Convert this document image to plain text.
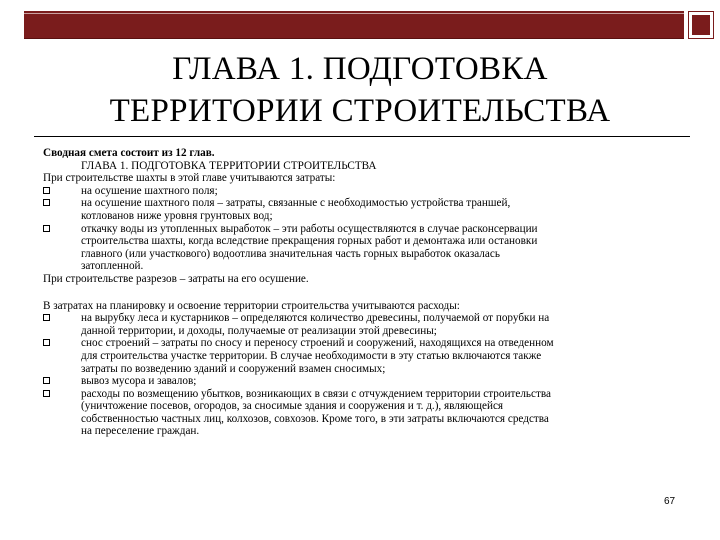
ГЛАВА 1. ПОДГОТОВКА
ТЕРРИТОРИИ СТРОИТЕЛЬСТВА
Сводная смета состоит из 12 глав.
ГЛАВА 1. ПОДГОТОВКА ТЕРРИТОРИИ СТРОИТЕЛЬСТВА
При строительстве шахты в этой главе учитываются затраты:
на осушение шахтного поля;
на осушение шахтного поля – затраты, связанные с необходимостью устройства траншей,
котлованов ниже уровня грунтовых вод;
откачку воды из утопленных выработок – эти работы осуществляются в случае расконсервации
строительства шахты, когда вследствие прекращения горных работ и демонтажа или остановки
главного (или участкового) водоотлива значительная часть горных выработок оказалась
затопленной.
При строительстве разрезов – затраты на его осушение.
В затратах на планировку и освоение территории строительства учитываются расходы:
на вырубку леса и кустарников – определяются количество древесины, получаемой от порубки на
данной территории, и доходы, получаемые от реализации этой древесины;
снос строений – затраты по сносу и переносу строений и сооружений, находящихся на отведенном
для строительства участке территории. В случае необходимости в эту статью включаются также
затраты по возведению зданий и сооружений взамен сносимых;
вывоз мусора и завалов;
расходы по возмещению убытков, возникающих в связи с отчуждением территории строительства
(уничтожение посевов, огородов, за сносимые здания и сооружения и т. д.), являющейся
собственностью частных лиц, колхозов, совхозов. Кроме того, в эти затраты включаются средства
на переселение граждан.
67
